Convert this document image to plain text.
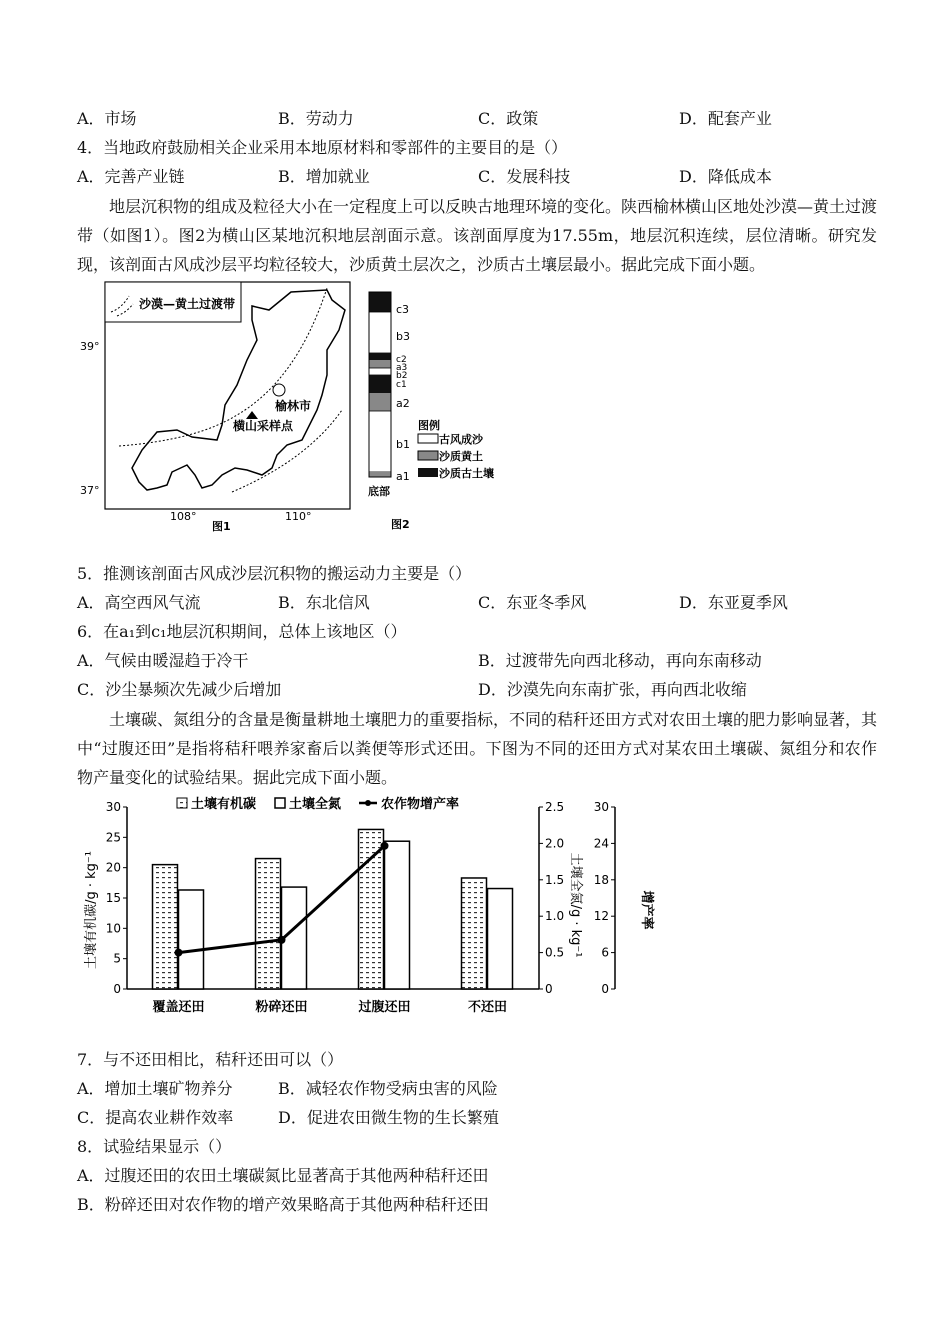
A．市场	B．劳动力	C．政策	D．配套产业
4．当地政府鼓励相关企业采用本地原材料和零部件的主要目的是（）
A．完善产业链	B．增加就业	C．发展科技	D．降低成本
地层沉积物的组成及粒径大小在一定程度上可以反映古地理环境的变化。陕西榆林横山区地处沙漠—黄土过渡带（如图1）。图2为横山区某地沉积地层剖面示意。该剖面厚度为17.55m，地层沉积连续，层位清晰。研究发现，该剖面古风成沙层平均粒径较大，沙质黄土层次之，沙质古土壤层最小。据此完成下面小题。
沙漠—黄土过渡带
榆林市
横山采样点
39°
37°
108°	110°
图1
c3
b3
c2
a3
b2
c1
a2
b1
a1
底部
图例
古风成沙
沙质黄土
沙质古土壤
图2
5．推测该剖面古风成沙层沉积物的搬运动力主要是（）
A．高空西风气流	B．东北信风	C．东亚冬季风	D．东亚夏季风
6．在a₁到c₁地层沉积期间，总体上该地区（）
A．气候由暖湿趋于冷干	B．过渡带先向西北移动，再向东南移动
C．沙尘暴频次先减少后增加	D．沙漠先向东南扩张，再向西北收缩
土壤碳、氮组分的含量是衡量耕地土壤肥力的重要指标，不同的秸秆还田方式对农田土壤的肥力影响显著，其中“过腹还田”是指将秸秆喂养家畜后以粪便等形式还田。下图为不同的还田方式对某农田土壤碳、氮组分和农作物产量变化的试验结果。据此完成下面小题。
0
5
10
15
20
25
30
0
0.5
1.0
1.5
2.0
2.5
0
6
12
18
24
30
覆盖还田	粉碎还田	过腹还田	不还田
土壤有机碳	土壤全氮	农作物增产率
土壤有机碳/g · kg⁻¹	土壤全氮/g · kg⁻¹	增产率
7．与不还田相比，秸秆还田可以（）
A．增加土壤矿物养分	B．减轻农作物受病虫害的风险
C．提高农业耕作效率	D．促进农田微生物的生长繁殖
8．试验结果显示（）
A．过腹还田的农田土壤碳氮比显著高于其他两种秸秆还田
B．粉碎还田对农作物的增产效果略高于其他两种秸秆还田
